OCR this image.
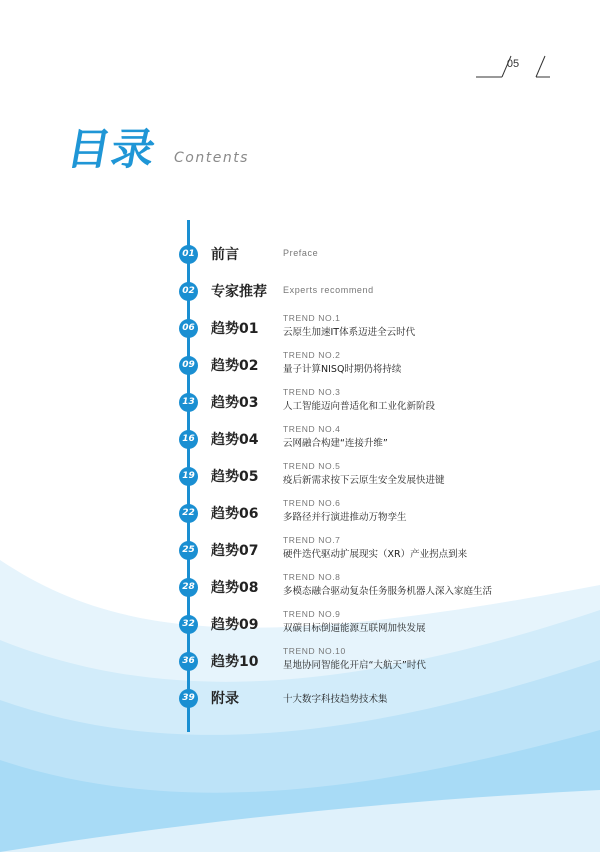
05
目录 Contents
01 前言	Preface
02 专家推荐 Experts recommend
06 趋势01
TREND NO.1
云原生加速IT体系迈进全云时代
09 趋势02
TREND NO.2
量子计算NISQ时期仍将持续
13 趋势03
TREND NO.3
人工智能迈向普适化和工业化新阶段
16 趋势04
TREND NO.4
云网融合构建“连接升维”
19 趋势05
TREND NO.5
疫后新需求按下云原生安全发展快进键
22 趋势06
TREND NO.6
多路径并行演进推动万物孪生
25 趋势07
TREND NO.7
硬件迭代驱动扩展现实（XR）产业拐点到来
28 趋势08
TREND NO.8
多模态融合驱动复杂任务服务机器人深入家庭生活
32 趋势09
TREND NO.9
双碳目标倒逼能源互联网加快发展
36 趋势10
TREND NO.10
星地协同智能化开启“大航天”时代
39 附录	十大数字科技趋势技术集
